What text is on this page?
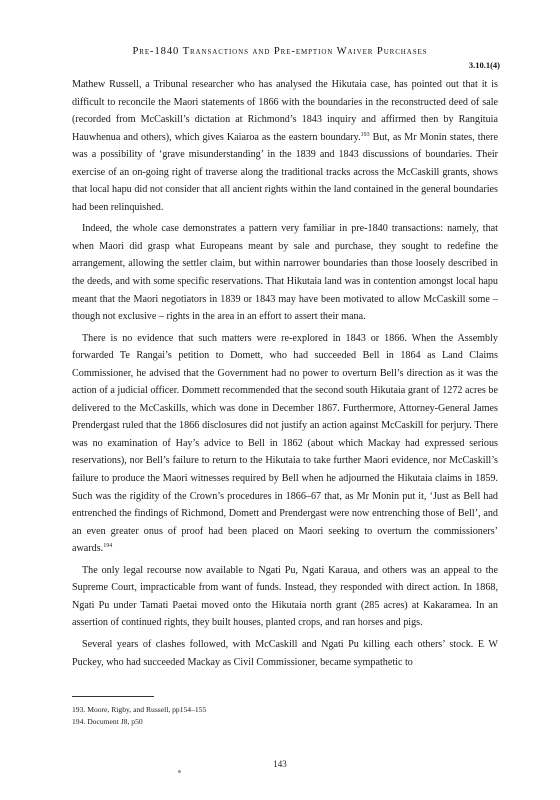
Pre-1840 Transactions and Pre-emption Waiver Purchases
3.10.1(4)

Mathew Russell, a Tribunal researcher who has analysed the Hikutaia case, has pointed out that it is difficult to reconcile the Maori statements of 1866 with the boundaries in the reconstructed deed of sale (recorded from McCaskill’s dictation at Richmond’s 1843 inquiry and affirmed then by Rangituia Hauwhenua and others), which gives Kaiaroa as the eastern boundary.$^{193}$ But, as Mr Monin states, there was a possibility of ‘grave misunderstanding’ in the 1839 and 1843 discussions of boundaries. Their exercise of an on-going right of traverse along the traditional tracks across the McCaskill grants, shows that local hapu did not consider that all ancient rights within the land contained in the general boundaries had been relinquished.

Indeed, the whole case demonstrates a pattern very familiar in pre-1840 transactions: namely, that when Maori did grasp what Europeans meant by sale and purchase, they sought to redefine the arrangement, allowing the settler claim, but within narrower boundaries than those loosely described in the deeds, and with some specific reservations. That Hikutaia land was in contention amongst local hapu meant that the Maori negotiators in 1839 or 1843 may have been motivated to allow McCaskill some – though not exclusive – rights in the area in an effort to assert their mana.

There is no evidence that such matters were re-explored in 1843 or 1866. When the Assembly forwarded Te Rangai’s petition to Domett, who had succeeded Bell in 1864 as Land Claims Commissioner, he advised that the Government had no power to overturn Bell’s direction as it was the action of a judicial officer. Dommett recommended that the second south Hikutaia grant of 1272 acres be delivered to the McCaskills, which was done in December 1867. Furthermore, Attorney-General James Prendergast ruled that the 1866 disclosures did not justify an action against McCaskill for perjury. There was no examination of Hay’s advice to Bell in 1862 (about which Mackay had expressed serious reservations), nor Bell’s failure to return to the Hikutaia to take further Maori evidence, nor McCaskill’s failure to produce the Maori witnesses required by Bell when he adjourned the Hikutaia claims in 1859. Such was the rigidity of the Crown’s procedures in 1866–67 that, as Mr Monin put it, ‘Just as Bell had entrenched the findings of Richmond, Domett and Prendergast were now entrenching those of Bell’, and an even greater onus of proof had been placed on Maori seeking to overturn the commissioners’ awards.$^{194}$

The only legal recourse now available to Ngati Pu, Ngati Karaua, and others was an appeal to the Supreme Court, impracticable from want of funds. Instead, they responded with direct action. In 1868, Ngati Pu under Tamati Paetai moved onto the Hikutaia north grant (285 acres) at Kakaramea. In an assertion of continued rights, they built houses, planted crops, and ran horses and pigs.

Several years of clashes followed, with McCaskill and Ngati Pu killing each others’ stock. E W Puckey, who had succeeded Mackay as Civil Commissioner, became sympathetic to

193. Moore, Rigby, and Russell, pp154–155

194. Document J8, p50

143
